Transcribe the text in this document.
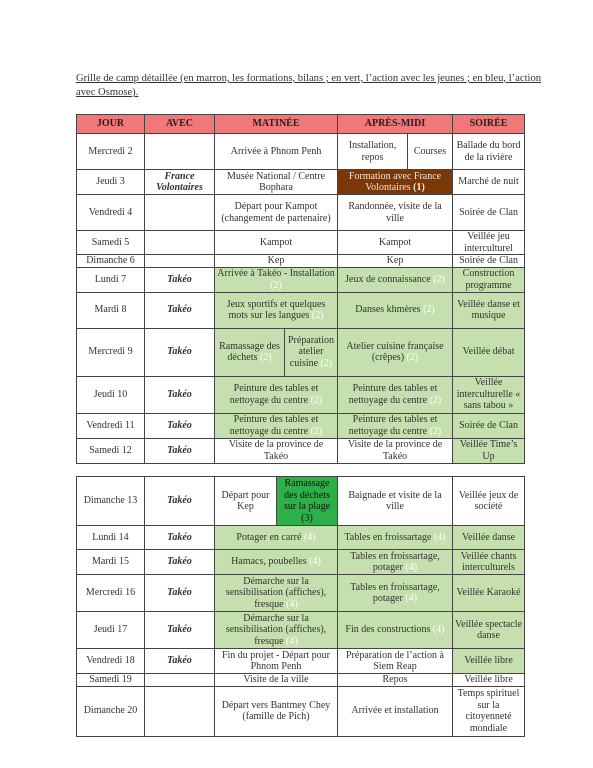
Grille de camp détaillée (en marron, les formations, bilans ; en vert, l’action avec les jeunes ; en bleu, l’action avec Osmose).
JOUR	AVEC	MATINÉE		APRÈS-MIDI		SOIRÉE
Mercredi 2		Arrivée à Phnom Penh		Installation, repos	Courses	Ballade du bord de la rivière
Jeudi 3	France Volontaires	Musée National / Centre Bophara		Formation avec France Volontaires (1)		Marché de nuit
Vendredi 4		Départ pour Kampot (changement de partenaire)		Randonnée, visite de la ville		Soirée de Clan
Samedi 5		Kampot		Kampot		Veillée jeu interculturel
Dimanche 6		Kep		Kep		Soirée de Clan
Lundi 7	Takéo	Arrivée à Takéo - Installation (2)		Jeux de connaissance (2)		Construction programme
Mardi 8	Takéo	Jeux sportifs et quelques mots sur les langues (2)		Danses khmères (2)		Veillée danse et musique
Mercredi 9	Takéo	Ramassage des déchets (2)	Préparation atelier cuisine (2)	Atelier cuisine française (crêpes) (2)		Veillée débat
Jeudi 10	Takéo	Peinture des tables et nettoyage du centre (2)		Peinture des tables et nettoyage du centre (2)		Veillée interculturelle « sans tabou »
Vendredi 11	Takéo	Peinture des tables et nettoyage du centre (2)		Peinture des tables et nettoyage du centre (2)		Soirée de Clan
Samedi 12	Takéo	Visite de la province de Takéo		Visite de la province de Takéo		Veillée Time’s Up
Dimanche 13	Takéo	Départ pour Kep	Ramassage des déchets sur la plage (3)	Baignade et visite de la ville	Veillée jeux de société
Lundi 14	Takéo	Potager en carré (4)		Tables en froissartage (4)	Veillée danse
Mardi 15	Takéo	Hamacs, poubelles (4)		Tables en froissartage, potager (4)	Veillée chants interculturels
Mercredi 16	Takéo	Démarche sur la sensibilisation (affiches), fresque (4)		Tables en froissartage, potager (4)	Veillée Karaoké
Jeudi 17	Takéo	Démarche sur la sensibilisation (affiches), fresque (4)		Fin des constructions (4)	Veillée spectacle danse
Vendredi 18	Takéo	Fin du projet - Départ pour Phnom Penh		Préparation de l’action à Siem Reap	Veillée libre
Samedi 19		Visite de la ville		Repos	Veillée libre
Dimanche 20		Départ vers Bantmey Chey (famille de Pich)		Arrivée et installation	Temps spirituel sur la citoyenneté mondiale
